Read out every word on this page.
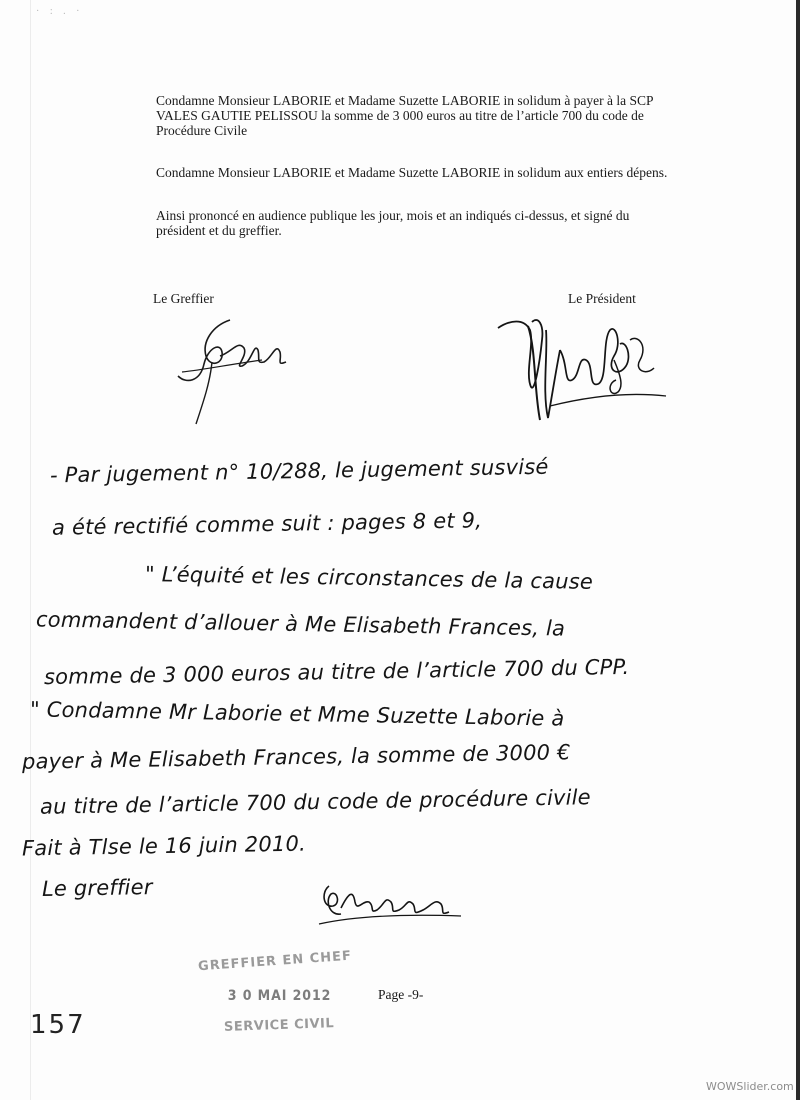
· : . ·

Condamne Monsieur LABORIE et Madame Suzette LABORIE in solidum à payer à la SCP VALES GAUTIE PELISSOU la somme de 3 000 euros au titre de l’article 700 du code de Procédure Civile

Condamne Monsieur LABORIE et Madame Suzette LABORIE in solidum aux entiers dépens.

Ainsi prononcé en audience publique les jour, mois et an indiqués ci-dessus, et signé du président et du greffier.

Le Greffier	Le Président
- Par jugement n° 10/288, le jugement susvisé
a été rectifié comme suit : pages 8 et 9,
" L’équité et les circonstances de la cause
commandent d’allouer à Me Elisabeth Frances, la
somme de 3 000 euros au titre de l’article 700 du CPP.
" Condamne Mr Laborie et Mme Suzette Laborie à
payer à Me Elisabeth Frances, la somme de 3000 €
au titre de l’article 700 du code de procédure civile
Fait à Tlse le 16 juin 2010.
Le greffier
GREFFIER EN CHEF
3 0 MAI 2012
SERVICE CIVIL
Page -9-
157
WOWSlider.com
